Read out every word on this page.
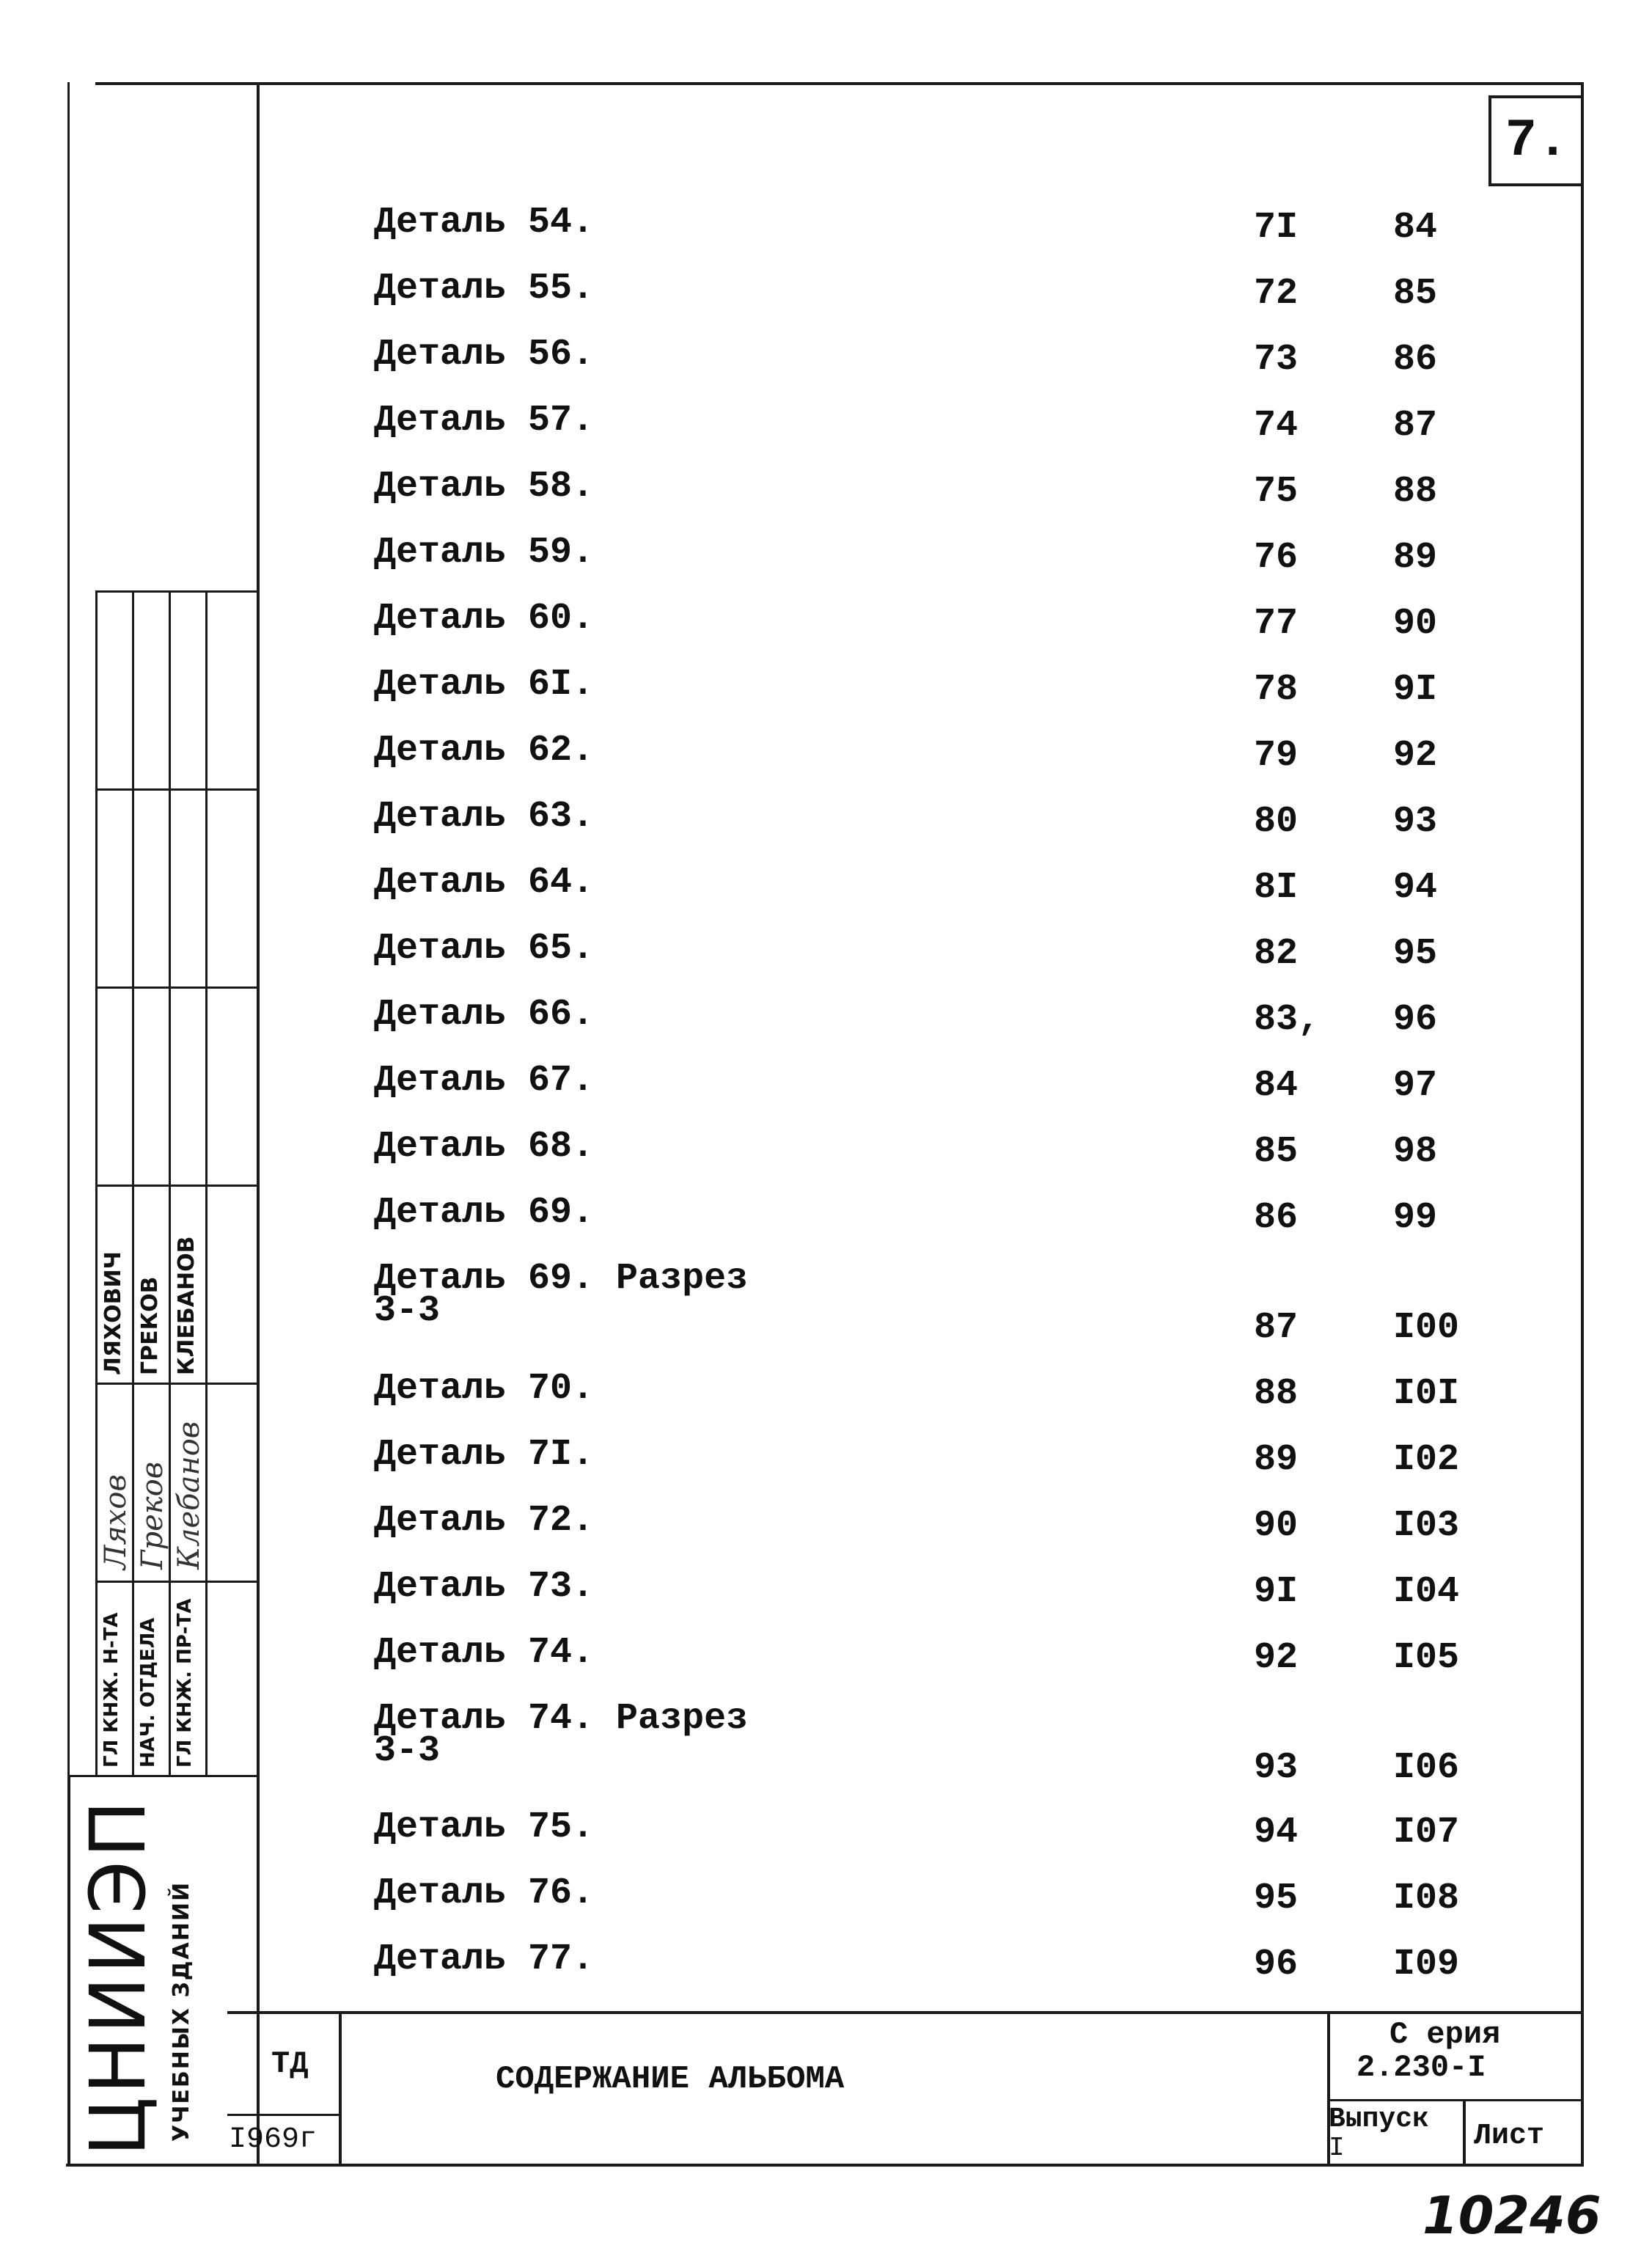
7.
ЛЯХОВИЧ ГРЕКОВ КЛЕБАНОВ
Ляхов Греков Клебанов
ГЛ КНЖ. Н-ТА НАЧ. ОТДЕЛА ГЛ КНЖ. ПР-ТА
ЦНИИЭП УЧЕБНЫХ ЗДАНИЙ
Деталь 54.	7I	84
Деталь 55.	72	85
Деталь 56.	73	86
Деталь 57.	74	87
Деталь 58.	75	88
Деталь 59.	76	89
Деталь 60.	77	90
Деталь 6I.	78	9I
Деталь 62.	79	92
Деталь 63.	80	93
Деталь 64.	8I	94
Деталь 65.	82	95
Деталь 66.	83,	96
Деталь 67.	84	97
Деталь 68.	85	98
Деталь 69.	86	99
Деталь 69. Разрез
3-3	87	I00
Деталь 70.	88	I0I
Деталь 7I.	89	I02
Деталь 72.	90	I03
Деталь 73.	9I	I04
Деталь 74.	92	I05
Деталь 74. Разрез
3-3	93	I06
Деталь 75.	94	I07
Деталь 76.	95	I08
Деталь 77.	96	I09
ТД
I969г
СОДЕРЖАНИЕ АЛЬБОМА
С ерия
2.230-I
Выпуск
I	Лист
10246
